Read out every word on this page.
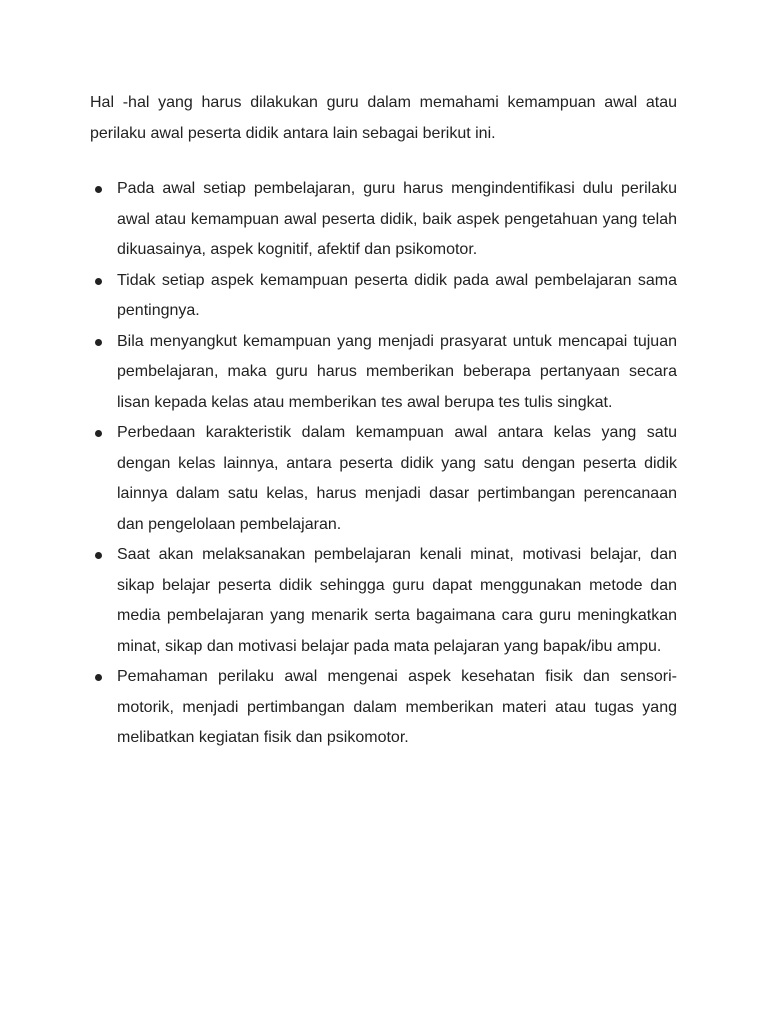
Hal -hal yang harus dilakukan guru dalam memahami kemampuan awal atau perilaku awal peserta didik antara lain sebagai berikut ini.

Pada awal setiap pembelajaran, guru harus mengindentifikasi dulu perilaku awal atau kemampuan awal peserta didik, baik aspek pengetahuan yang telah dikuasainya, aspek kognitif, afektif dan psikomotor.
Tidak setiap aspek kemampuan peserta didik pada awal pembelajaran sama pentingnya.
Bila menyangkut kemampuan yang menjadi prasyarat untuk mencapai tujuan pembelajaran, maka guru harus memberikan beberapa pertanyaan secara lisan kepada kelas atau memberikan tes awal berupa tes tulis singkat.
Perbedaan karakteristik dalam kemampuan awal antara kelas yang satu dengan kelas lainnya, antara peserta didik yang satu dengan peserta didik lainnya dalam satu kelas, harus menjadi dasar pertimbangan perencanaan dan pengelolaan pembelajaran.
Saat akan melaksanakan pembelajaran kenali minat, motivasi belajar, dan sikap belajar peserta didik sehingga guru dapat menggunakan metode dan media pembelajaran yang menarik serta bagaimana cara guru meningkatkan minat, sikap dan motivasi belajar pada mata pelajaran yang bapak/ibu ampu.
Pemahaman perilaku awal mengenai aspek kesehatan fisik dan sensori-motorik, menjadi pertimbangan dalam memberikan materi atau tugas yang melibatkan kegiatan fisik dan psikomotor.
